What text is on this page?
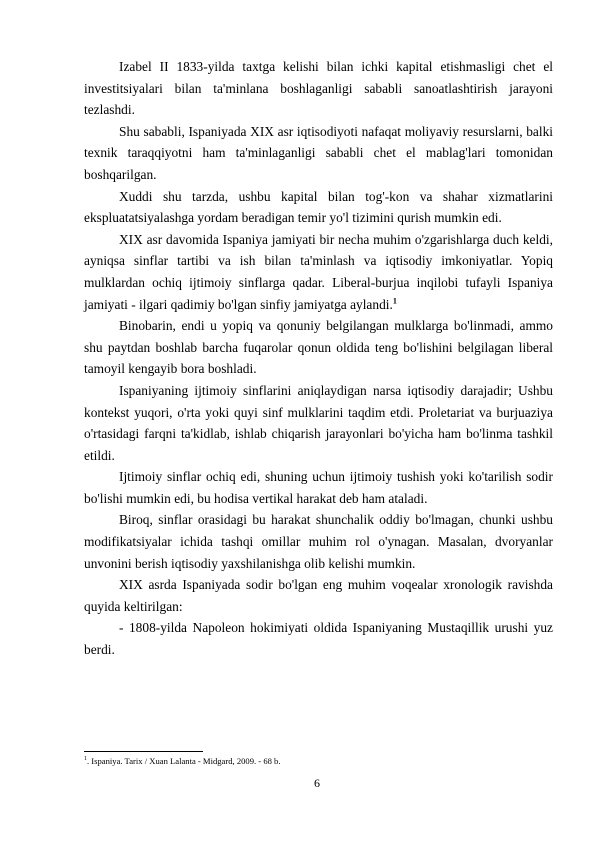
Izabel II 1833-yilda taxtga kelishi bilan ichki kapital etishmasligi chet el investitsiyalari bilan ta'minlana boshlaganligi sababli sanoatlashtirish jarayoni tezlashdi.

Shu sababli, Ispaniyada XIX asr iqtisodiyoti nafaqat moliyaviy resurslarni, balki texnik taraqqiyotni ham ta'minlaganligi sababli chet el mablag'lari tomonidan boshqarilgan.

Xuddi shu tarzda, ushbu kapital bilan tog'-kon va shahar xizmatlarini ekspluatatsiyalashga yordam beradigan temir yo'l tizimini qurish mumkin edi.

XIX asr davomida Ispaniya jamiyati bir necha muhim o'zgarishlarga duch keldi, ayniqsa sinflar tartibi va ish bilan ta'minlash va iqtisodiy imkoniyatlar. Yopiq mulklardan ochiq ijtimoiy sinflarga qadar. Liberal-burjua inqilobi tufayli Ispaniya jamiyati - ilgari qadimiy bo'lgan sinfiy jamiyatga aylandi.$^1$

Binobarin, endi u yopiq va qonuniy belgilangan mulklarga bo'linmadi, ammo shu paytdan boshlab barcha fuqarolar qonun oldida teng bo'lishini belgilagan liberal tamoyil kengayib bora boshladi.

Ispaniyaning ijtimoiy sinflarini aniqlaydigan narsa iqtisodiy darajadir; Ushbu kontekst yuqori, o'rta yoki quyi sinf mulklarini taqdim etdi. Proletariat va burjuaziya o'rtasidagi farqni ta'kidlab, ishlab chiqarish jarayonlari bo'yicha ham bo'linma tashkil etildi.

Ijtimoiy sinflar ochiq edi, shuning uchun ijtimoiy tushish yoki ko'tarilish sodir bo'lishi mumkin edi, bu hodisa vertikal harakat deb ham ataladi.

Biroq, sinflar orasidagi bu harakat shunchalik oddiy bo'lmagan, chunki ushbu modifikatsiyalar ichida tashqi omillar muhim rol o'ynagan. Masalan, dvoryanlar unvonini berish iqtisodiy yaxshilanishga olib kelishi mumkin.

XIX asrda Ispaniyada sodir bo'lgan eng muhim voqealar xronologik ravishda quyida keltirilgan:

- 1808-yilda Napoleon hokimiyati oldida Ispaniyaning Mustaqillik urushi yuz berdi.

$^1$. Ispaniya. Tarix / Xuan Lalanta - Midgard, 2009. - 68 b.
6
